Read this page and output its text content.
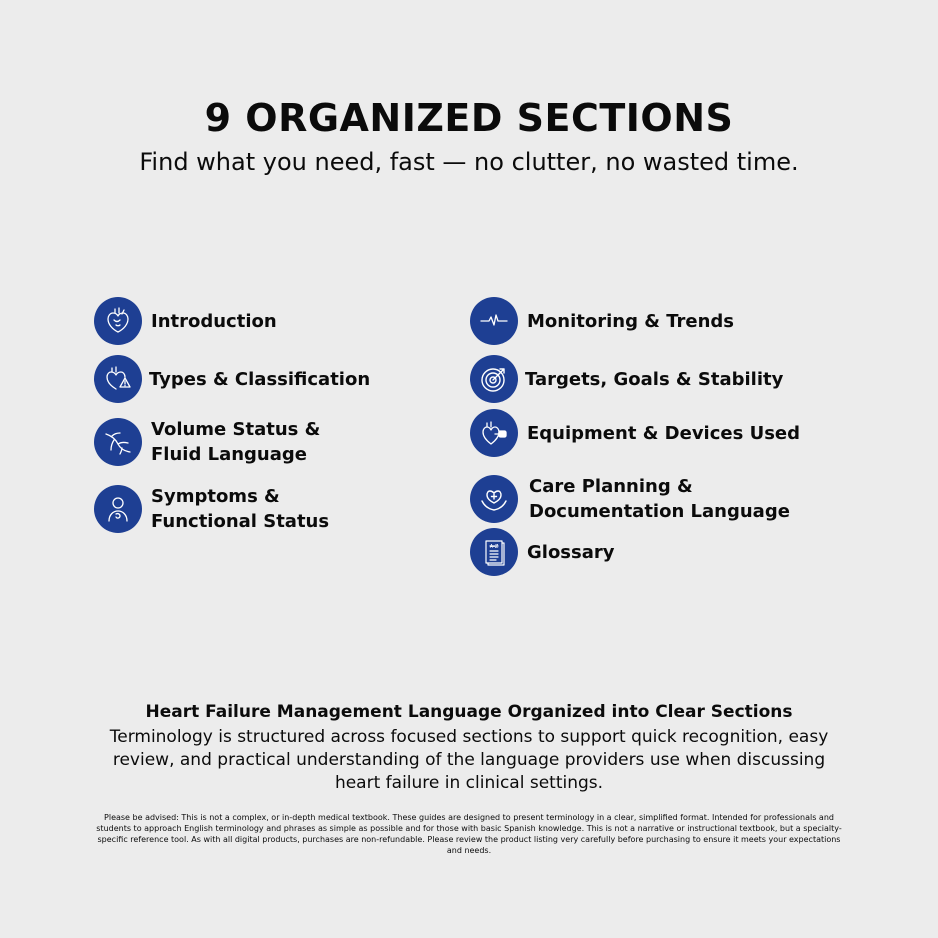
9 ORGANIZED SECTIONS
Find what you need, fast — no clutter, no wasted time.
Introduction
Types & Classification
Volume Status & Fluid Language
Symptoms & Functional Status
Monitoring & Trends
Targets, Goals & Stability
Equipment & Devices Used
Care Planning & Documentation Language
A-Z Glossary
Heart Failure Management Language Organized into Clear Sections
Terminology is structured across focused sections to support quick recognition, easy review, and practical understanding of the language providers use when discussing heart failure in clinical settings.
Please be advised: This is not a complex, or in-depth medical textbook. These guides are designed to present terminology in a clear, simplified format. Intended for professionals and students to approach English terminology and phrases as simple as possible and for those with basic Spanish knowledge. This is not a narrative or instructional textbook, but a specialty-specific reference tool. As with all digital products, purchases are non-refundable. Please review the product listing very carefully before purchasing to ensure it meets your expectations and needs.
